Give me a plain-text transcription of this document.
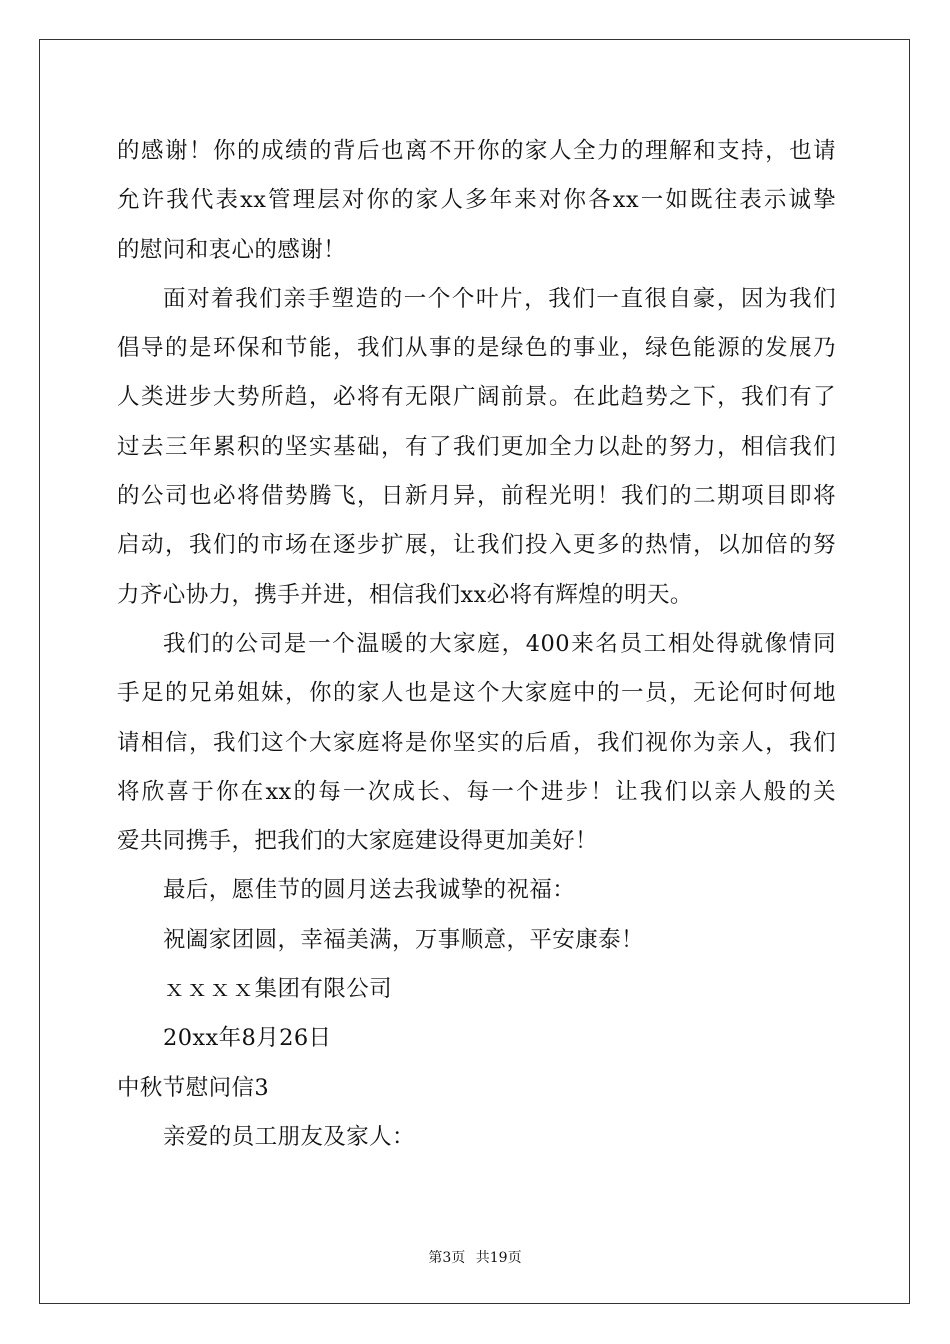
的感谢！你的成绩的背后也离不开你的家人全力的理解和支持，也请
允许我代表xx管理层对你的家人多年来对你各xx一如既往表示诚挚
的慰问和衷心的感谢！
面对着我们亲手塑造的一个个叶片，我们一直很自豪，因为我们
倡导的是环保和节能，我们从事的是绿色的事业，绿色能源的发展乃
人类进步大势所趋，必将有无限广阔前景。在此趋势之下，我们有了
过去三年累积的坚实基础，有了我们更加全力以赴的努力，相信我们
的公司也必将借势腾飞，日新月异，前程光明！我们的二期项目即将
启动，我们的市场在逐步扩展，让我们投入更多的热情，以加倍的努
力齐心协力，携手并进，相信我们xx必将有辉煌的明天。
我们的公司是一个温暖的大家庭，400来名员工相处得就像情同
手足的兄弟姐妹，你的家人也是这个大家庭中的一员，无论何时何地
请相信，我们这个大家庭将是你坚实的后盾，我们视你为亲人，我们
将欣喜于你在xx的每一次成长、每一个进步！让我们以亲人般的关
爱共同携手，把我们的大家庭建设得更加美好！
最后，愿佳节的圆月送去我诚挚的祝福：
祝阖家团圆，幸福美满，万事顺意，平安康泰！
ｘｘｘｘ集团有限公司
20xx年8月26日
中秋节慰问信3
亲爱的员工朋友及家人：
第3页 共19页
